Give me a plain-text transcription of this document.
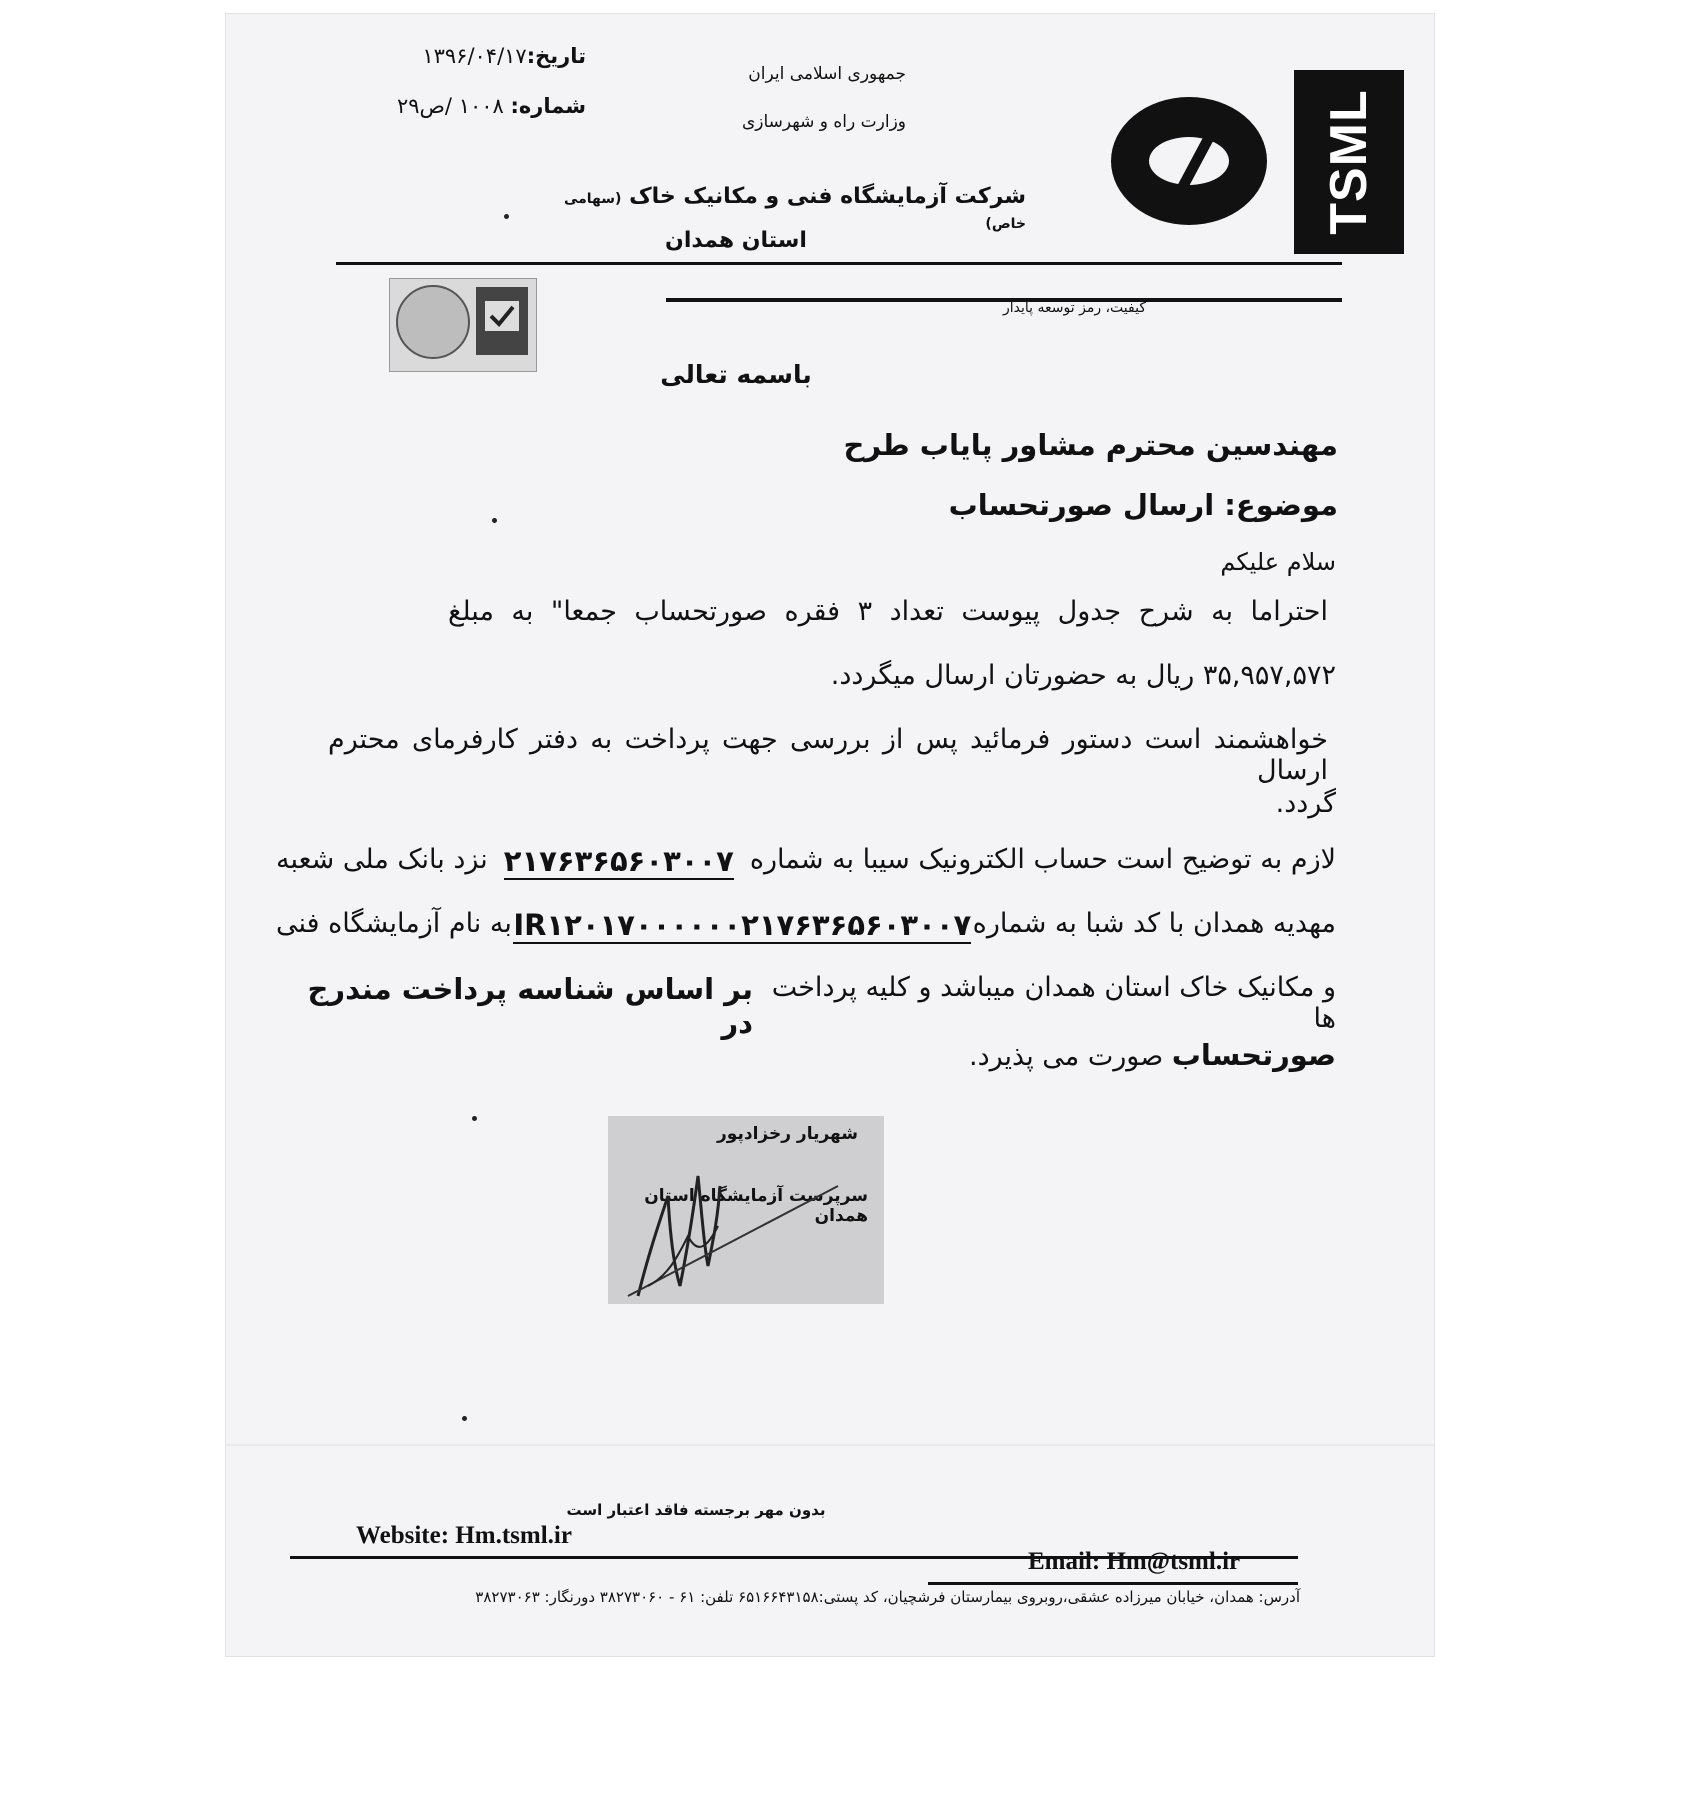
تاریخ:۱۳۹۶/۰۴/۱۷
شماره: ۱۰۰۸ /ص۲۹
جمهوری اسلامی ایران
وزارت راه و شهرسازی
شرکت آزمایشگاه فنی و مکانیک خاک (سهامی خاص)
استان همدان
TSML
کیفیت، رمز توسعه پایدار
باسمه تعالی
مهندسین محترم مشاور پایاب طرح
موضوع: ارسال صورتحساب
سلام علیکم
احتراما به شرح جدول پیوست تعداد ۳ فقره صورتحساب جمعا" به مبلغ
۳۵,۹۵۷,۵۷۲ ریال به حضورتان ارسال میگردد.
خواهشمند است دستور فرمائید پس از بررسی جهت پرداخت به دفتر کارفرمای محترم ارسال
گردد.
لازم به توضیح است حساب الکترونیک سیبا به شماره
۲۱۷۶۳۶۵۶۰۳۰۰۷
نزد بانک ملی شعبه
مهدیه همدان با کد شبا به شماره
IR۱۲۰۱۷۰۰۰۰۰۰۲۱۷۶۳۶۵۶۰۳۰۰۷
به نام آزمایشگاه فنی
و مکانیک خاک استان همدان میباشد و کلیه پرداخت ها
بر اساس شناسه پرداخت مندرج در
صورتحساب صورت می پذیرد.
شهریار رخزادپور
سرپرست آزمایشگاه استان همدان
بدون مهر برجسته فاقد اعتبار است
Website: Hm.tsml.ir
Email: Hm@tsml.ir
آدرس: همدان، خیابان میرزاده عشقی،روبروی بیمارستان فرشچیان، کد پستی:۶۵۱۶۶۴۳۱۵۸ تلفن: ۶۱ - ۳۸۲۷۳۰۶۰ دورنگار: ۳۸۲۷۳۰۶۳
